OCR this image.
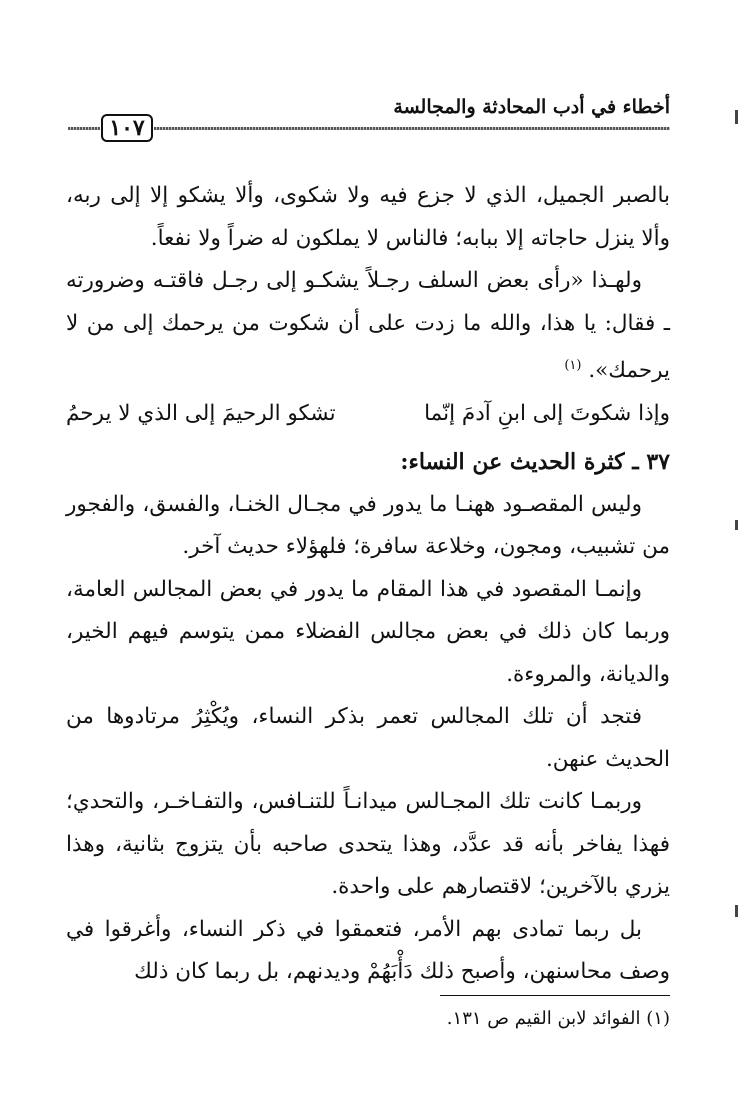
أخطاء في أدب المحادثة والمجالسة
١٠٧

بالصبر الجميل، الذي لا جزع فيه ولا شكوى، وألا يشكو إلا إلى ربه، وألا ينزل حاجاته إلا ببابه؛ فالناس لا يملكون له ضراً ولا نفعاً.

ولهـذا «رأى بعض السلف رجـلاً يشكـو إلى رجـل فاقتـه وضرورته ـ فقال: يا هذا، والله ما زدت على أن شكوت من يرحمك إلى من لا يرحمك». $^{(١)}$

وإذا شكوتَ إلى ابنِ آدمَ إنّما
تشكو الرحيمَ إلى الذي لا يرحمُ

٣٧ ـ كثرة الحديث عن النساء:

وليس المقصـود ههنـا ما يدور في مجـال الخنـا، والفسق، والفجور من تشبيب، ومجون، وخلاعة سافرة؛ فلهؤلاء حديث آخر.

وإنمـا المقصود في هذا المقام ما يدور في بعض المجالس العامة، وربما كان ذلك في بعض مجالس الفضلاء ممن يتوسم فيهم الخير، والديانة، والمروءة.

فتجد أن تلك المجالس تعمر بذكر النساء، ويُكْثِرُ مرتادوها من الحديث عنهن.

وربمـا كانت تلك المجـالس ميدانـاً للتنـافس، والتفـاخـر، والتحدي؛ فهذا يفاخر بأنه قد عدَّد، وهذا يتحدى صاحبه بأن يتزوج بثانية، وهذا يزري بالآخرين؛ لاقتصارهم على واحدة.

بل ربما تمادى بهم الأمر، فتعمقوا في ذكر النساء، وأغرقوا في وصف محاسنهن، وأصبح ذلك دَأْبَهُمْ وديدنهم، بل ربما كان ذلك

(١) الفوائد لابن القيم ص ١٣١.
